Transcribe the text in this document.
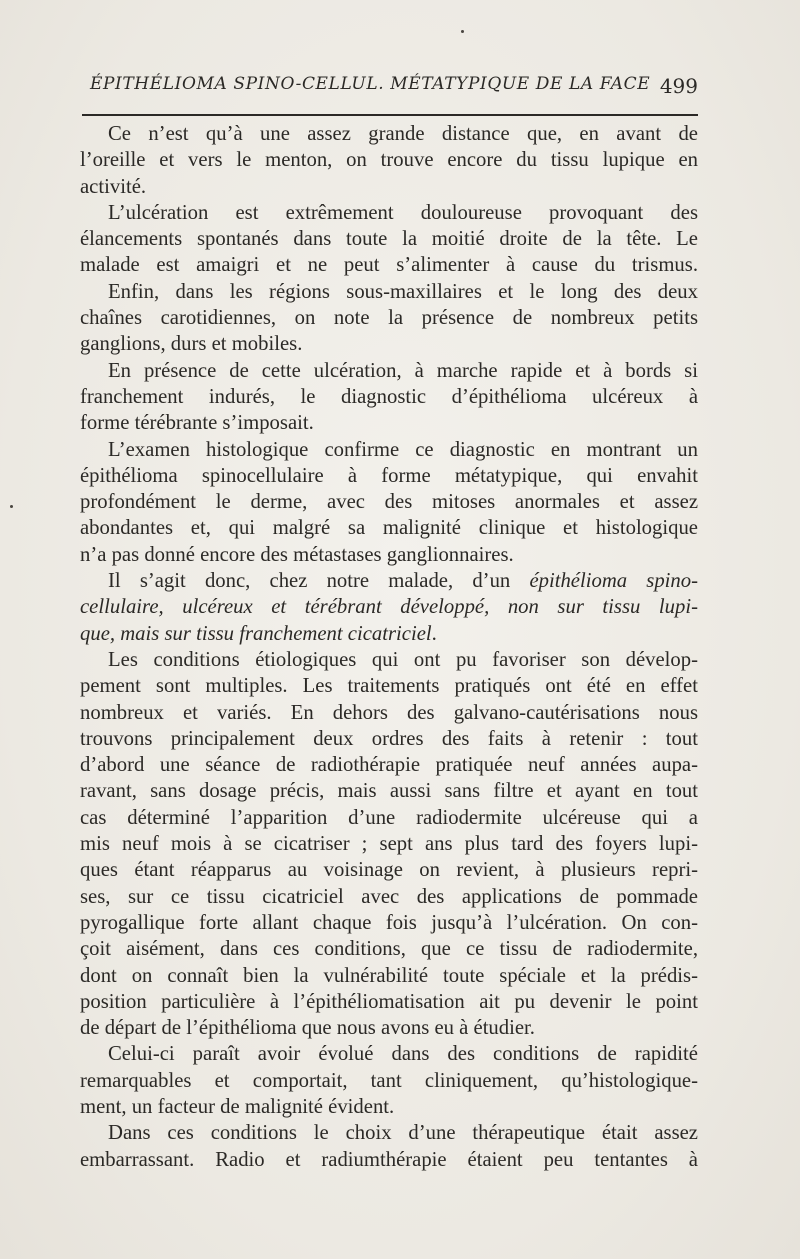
ÉPITHÉLIOMA SPINO-CELLUL. MÉTATYPIQUE DE LA FACE 499
Ce n’est qu’à une assez grande distance que, en avant de
l’oreille et vers le menton, on trouve encore du tissu lupique en
activité.
L’ulcération est extrêmement douloureuse provoquant des
élancements spontanés dans toute la moitié droite de la tête. Le
malade est amaigri et ne peut s’alimenter à cause du trismus.
Enfin, dans les régions sous-maxillaires et le long des deux
chaînes carotidiennes, on note la présence de nombreux petits
ganglions, durs et mobiles.
En présence de cette ulcération, à marche rapide et à bords si
franchement indurés, le diagnostic d’épithélioma ulcéreux à
forme térébrante s’imposait.
L’examen histologique confirme ce diagnostic en montrant un
épithélioma spinocellulaire à forme métatypique, qui envahit
profondément le derme, avec des mitoses anormales et assez
abondantes et, qui malgré sa malignité clinique et histologique
n’a pas donné encore des métastases ganglionnaires.
Il s’agit donc, chez notre malade, d’un épithélioma spino-
cellulaire, ulcéreux et térébrant développé, non sur tissu lupi-
que, mais sur tissu franchement cicatriciel.
Les conditions étiologiques qui ont pu favoriser son dévelop-
pement sont multiples. Les traitements pratiqués ont été en effet
nombreux et variés. En dehors des galvano-cautérisations nous
trouvons principalement deux ordres des faits à retenir : tout
d’abord une séance de radiothérapie pratiquée neuf années aupa-
ravant, sans dosage précis, mais aussi sans filtre et ayant en tout
cas déterminé l’apparition d’une radiodermite ulcéreuse qui a
mis neuf mois à se cicatriser ; sept ans plus tard des foyers lupi-
ques étant réapparus au voisinage on revient, à plusieurs repri-
ses, sur ce tissu cicatriciel avec des applications de pommade
pyrogallique forte allant chaque fois jusqu’à l’ulcération. On con-
çoit aisément, dans ces conditions, que ce tissu de radiodermite,
dont on connaît bien la vulnérabilité toute spéciale et la prédis-
position particulière à l’épithéliomatisation ait pu devenir le point
de départ de l’épithélioma que nous avons eu à étudier.
Celui-ci paraît avoir évolué dans des conditions de rapidité
remarquables et comportait, tant cliniquement, qu’histologique-
ment, un facteur de malignité évident.
Dans ces conditions le choix d’une thérapeutique était assez
embarrassant. Radio et radiumthérapie étaient peu tentantes à
